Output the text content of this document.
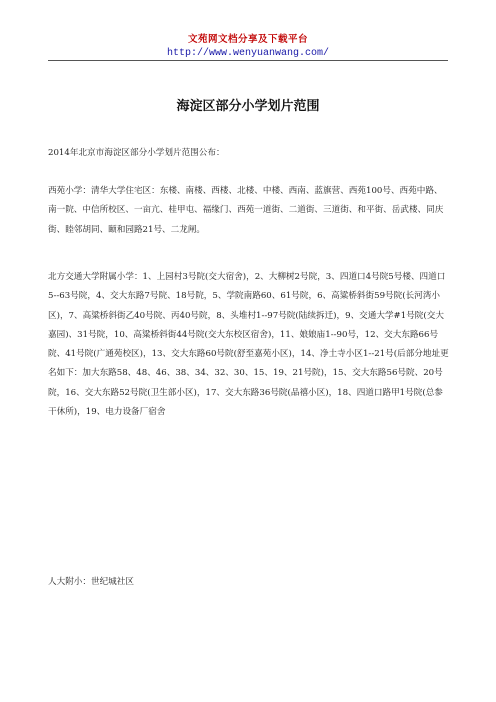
文苑网文档分享及下载平台
http://www.wenyuanwang.com/
海淀区部分小学划片范围

2014年北京市海淀区部分小学划片范围公布：

西苑小学：清华大学住宅区：东楼、南楼、西楼、北楼、中楼、西南、蓝旗营、西苑100号、西苑中路、南一院、中信所校区、一亩亢、桂甲屯、福缘门、西苑一道街、二道街、三道街、和平街、岳武楼、同庆街、睦邻胡同、颐和园路21号、二龙闸。

北方交通大学附属小学：1、上园村3号院(交大宿舍)，2、大柳树2号院，3、四道口4号院5号楼、四道口5--63号院，4、交大东路7号院、18号院，5、学院南路60、61号院，6、高粱桥斜街59号院(长河湾小区)，7、高粱桥斜街乙40号院、丙40号院，8、头堆村1--97号院(陆续拆迁)，9、交通大学#1号院(交大嘉园)、31号院，10、高粱桥斜街44号院(交大东校区宿舍)，11、娘娘庙1--90号，12、交大东路66号院、41号院(广通苑校区)，13、交大东路60号院(舒至嘉苑小区)，14、净土寺小区1--21号(后部分地址更名如下：加大东路58、48、46、38、34、32、30、15、19、21号院)，15、交大东路56号院、20号院，16、交大东路52号院(卫生部小区)，17、交大东路36号院(品禧小区)，18、四道口路甲1号院(总参干休所)，19、电力设备厂宿舍

人大附小：世纪城社区
